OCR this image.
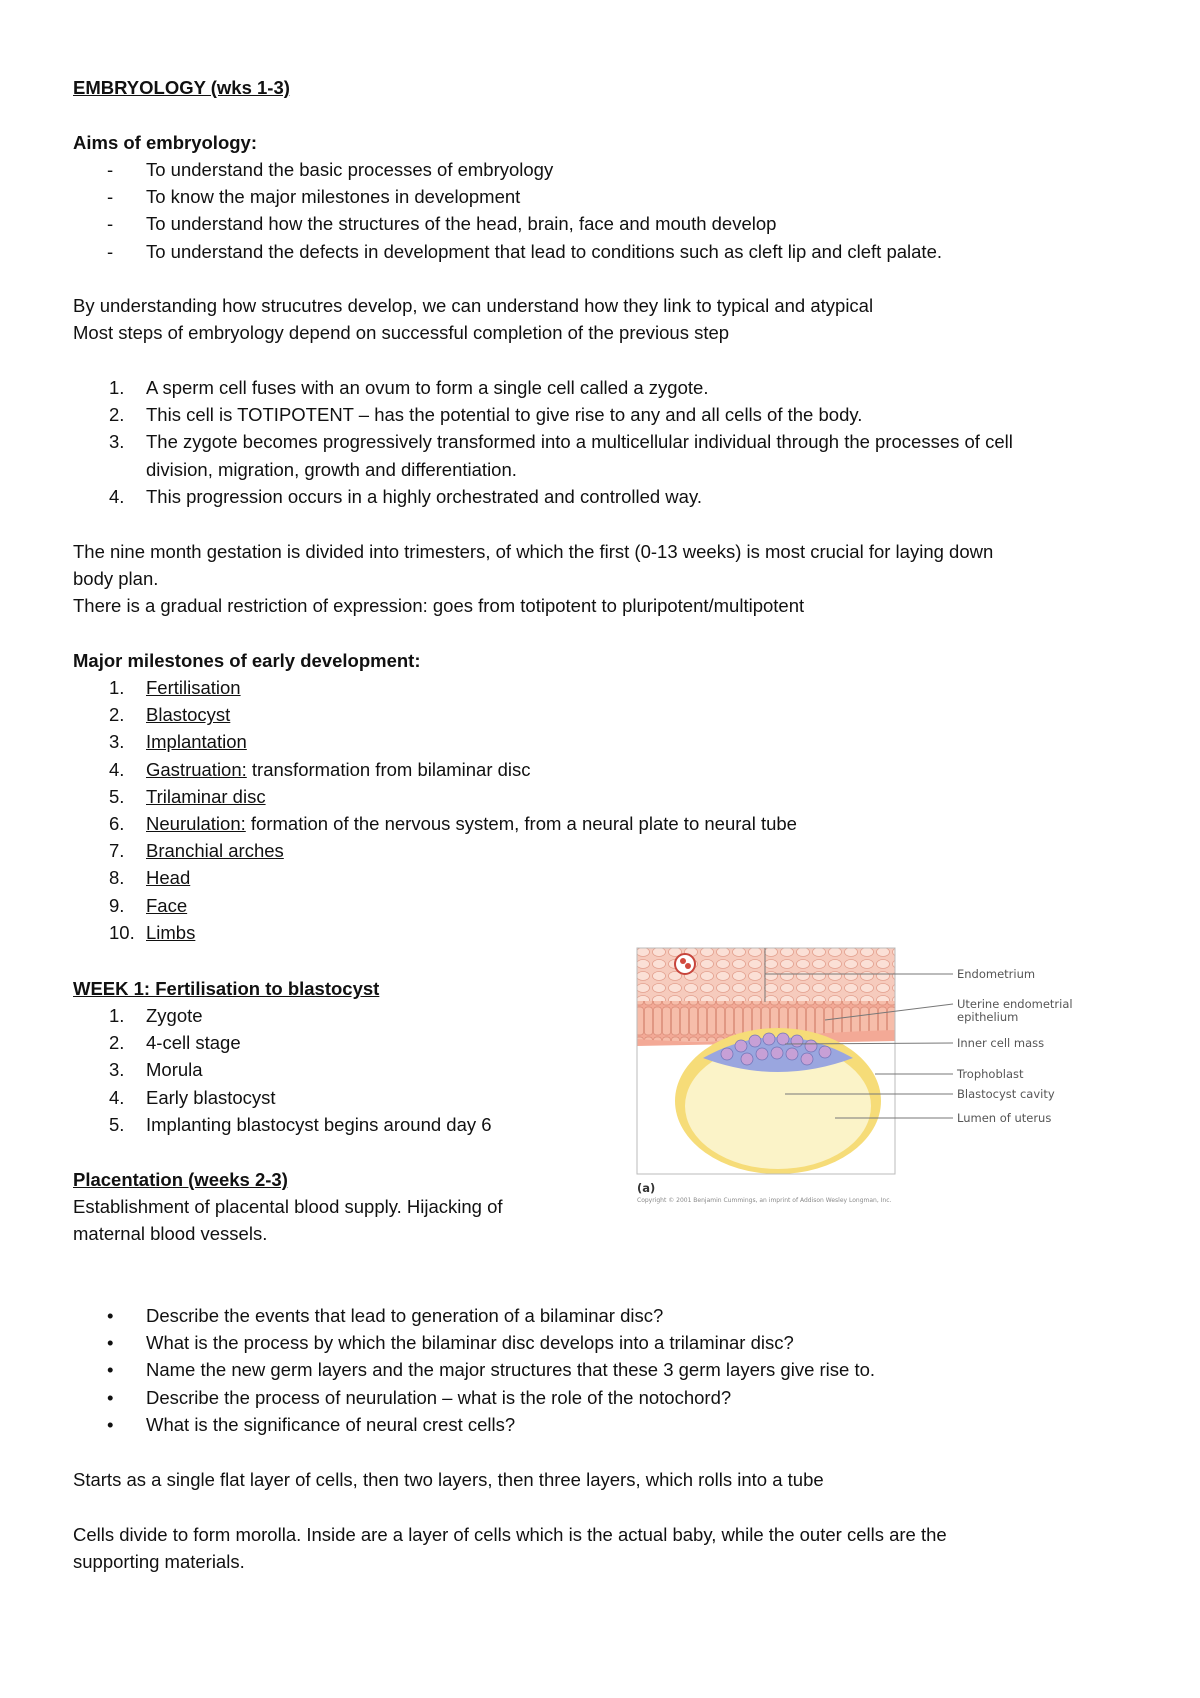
EMBRYOLOGY (wks 1-3)
Aims of embryology:
- To understand the basic processes of embryology
- To know the major milestones in development
- To understand how the structures of the head, brain, face and mouth develop
- To understand the defects in development that lead to conditions such as cleft lip and cleft palate.
By understanding how strucutres develop, we can understand how they link to typical and atypical
Most steps of embryology depend on successful completion of the previous step
1. A sperm cell fuses with an ovum to form a single cell called a zygote.
2. This cell is TOTIPOTENT – has the potential to give rise to any and all cells of the body.
3. The zygote becomes progressively transformed into a multicellular individual through the processes of cell
division, migration, growth and differentiation.
4. This progression occurs in a highly orchestrated and controlled way.
The nine month gestation is divided into trimesters, of which the first (0-13 weeks) is most crucial for laying down
body plan.
There is a gradual restriction of expression: goes from totipotent to pluripotent/multipotent
Major milestones of early development:
1. Fertilisation
2. Blastocyst
3. Implantation
4. Gastruation: transformation from bilaminar disc
5. Trilaminar disc
6. Neurulation: formation of the nervous system, from a neural plate to neural tube
7. Branchial arches
8. Head
9. Face
10. Limbs
WEEK 1: Fertilisation to blastocyst
1. Zygote
2. 4-cell stage
3. Morula
4. Early blastocyst
5. Implanting blastocyst begins around day 6
Placentation (weeks 2-3)
Establishment of placental blood supply. Hijacking of
maternal blood vessels.
Endometrium
Uterine endometrial
epithelium
Inner cell mass
Trophoblast
Blastocyst cavity
Lumen of uterus
(a)
Copyright © 2001 Benjamin Cummings, an imprint of Addison Wesley Longman, Inc.
• Describe the events that lead to generation of a bilaminar disc?
• What is the process by which the bilaminar disc develops into a trilaminar disc?
• Name the new germ layers and the major structures that these 3 germ layers give rise to.
• Describe the process of neurulation – what is the role of the notochord?
• What is the significance of neural crest cells?
Starts as a single flat layer of cells, then two layers, then three layers, which rolls into a tube
Cells divide to form morolla. Inside are a layer of cells which is the actual baby, while the outer cells are the
supporting materials.
